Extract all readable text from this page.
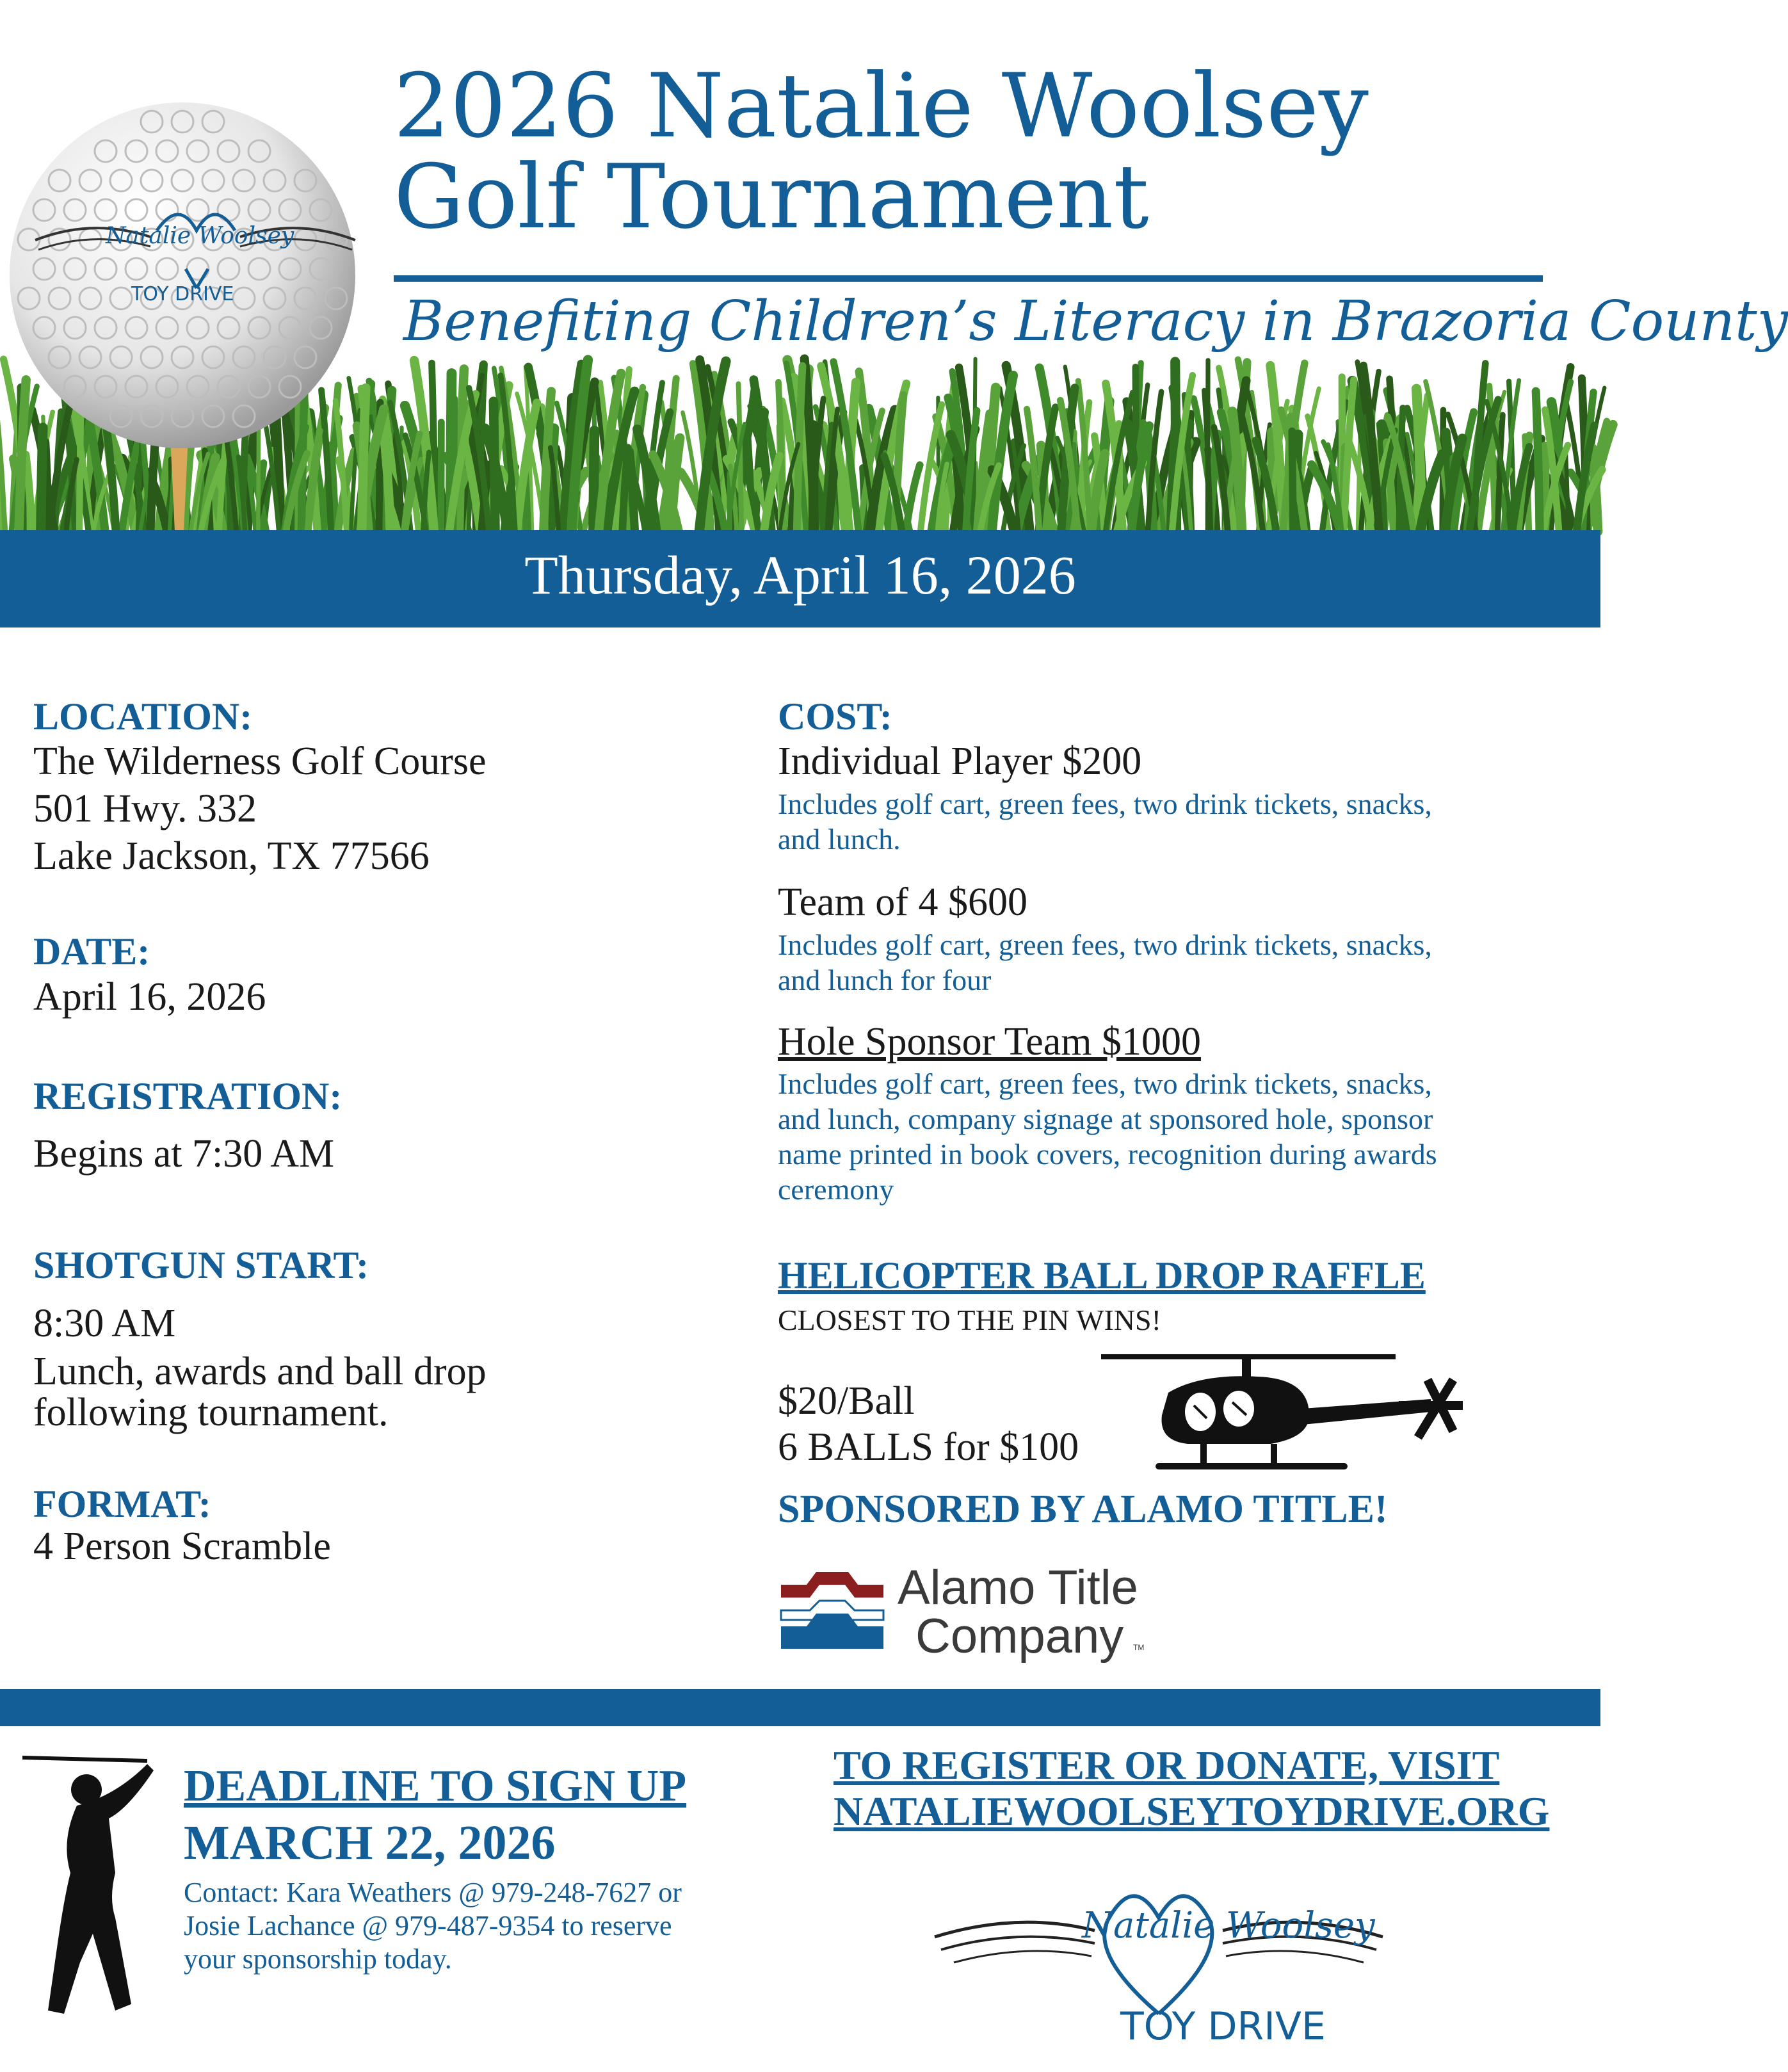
2026 Natalie Woolsey
Golf Tournament
Benefiting Children’s Literacy in Brazoria County
Natalie Woolsey
TOY DRIVE
Thursday, April 16, 2026
LOCATION:
The Wilderness Golf Course
501 Hwy. 332
Lake Jackson, TX 77566
DATE:
April 16, 2026
REGISTRATION:
Begins at 7:30 AM
SHOTGUN START:
8:30 AM
Lunch, awards and ball drop
following tournament.
FORMAT:
4 Person Scramble
COST:
Individual Player $200
Includes golf cart, green fees, two drink tickets, snacks,
and lunch.
Team of 4 $600
Includes golf cart, green fees, two drink tickets, snacks,
and lunch for four
Hole Sponsor Team $1000
Includes golf cart, green fees, two drink tickets, snacks,
and lunch, company signage at sponsored hole, sponsor
name printed in book covers, recognition during awards
ceremony
HELICOPTER BALL DROP RAFFLE
CLOSEST TO THE PIN WINS!
$20/Ball
6 BALLS for $100
SPONSORED BY ALAMO TITLE!
Alamo Title
Company TM
DEADLINE TO SIGN UP
MARCH 22, 2026
Contact: Kara Weathers @ 979-248-7627 or
Josie Lachance @ 979-487-9354 to reserve
your sponsorship today.
TO REGISTER OR DONATE, VISIT
NATALIEWOOLSEYTOYDRIVE.ORG
Natalie Woolsey
TOY DRIVE
